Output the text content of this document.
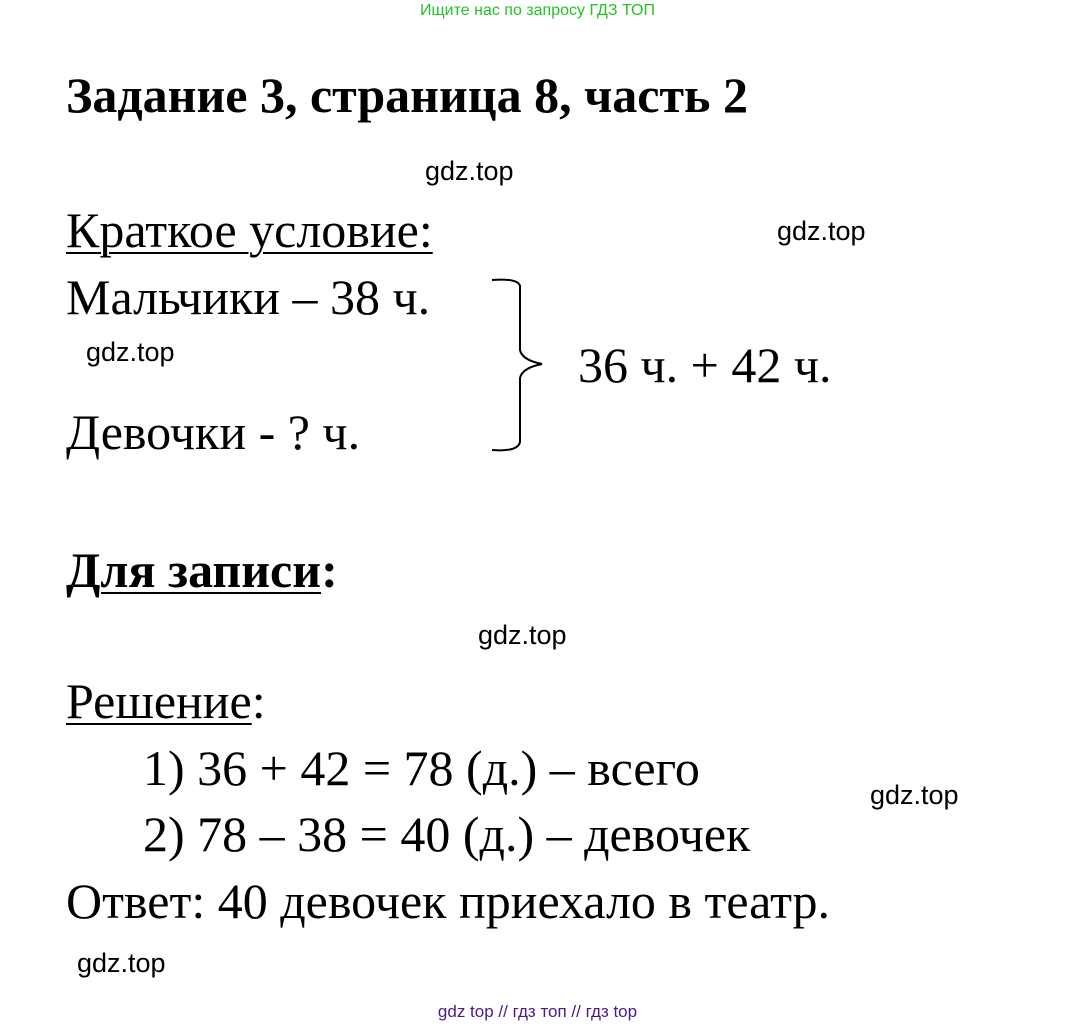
Ищите нас по запросу ГДЗ ТОП
Задание 3, страница 8, часть 2
gdz.top
gdz.top
gdz.top
gdz.top
gdz.top
gdz.top
Краткое условие:
Мальчики – 38 ч.
Девочки - ? ч.
36 ч. + 42 ч.
Для записи:
Решение:
1) 36 + 42 = 78 (д.) – всего
2) 78 – 38 = 40 (д.) – девочек
Ответ: 40 девочек приехало в театр.
gdz top // гдз топ // гдз top
